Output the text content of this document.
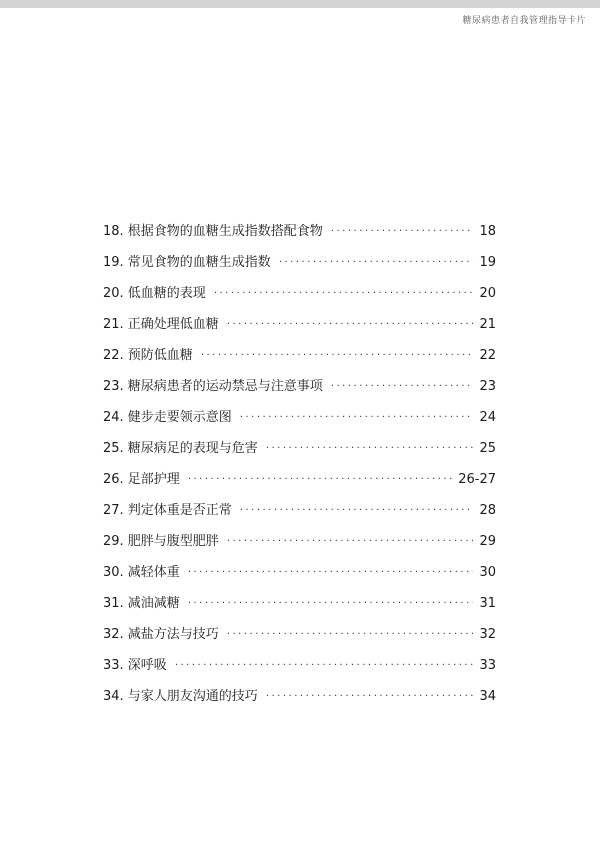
糖尿病患者自我管理指导卡片
18. 根据食物的血糖生成指数搭配食物 ·····	18
19. 常见食物的血糖生成指数 ·····	19
20. 低血糖的表现 ·····	20
21. 正确处理低血糖 ·····	21
22. 预防低血糖 ·····	22
23. 糖尿病患者的运动禁忌与注意事项 ·····	23
24. 健步走要领示意图 ·····	24
25. 糖尿病足的表现与危害 ·····	25
26. 足部护理 ·····	26-27
27. 判定体重是否正常 ·····	28
29. 肥胖与腹型肥胖 ·····	29
30. 减轻体重 ·····	30
31. 减油减糖 ·····	31
32. 减盐方法与技巧 ·····	32
33. 深呼吸 ·····	33
34. 与家人朋友沟通的技巧 ·····	34
